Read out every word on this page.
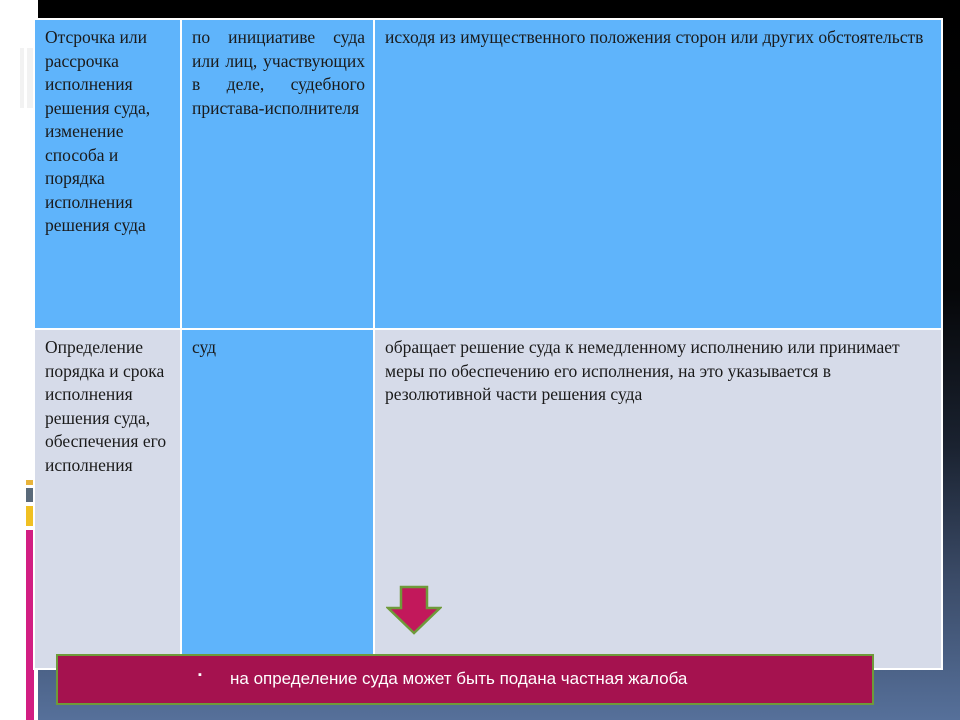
Отсрочка или рассрочка исполнения решения суда, изменение способа и порядка исполнения решения суда	по инициативе суда или лиц, участвующих в деле, судебного пристава-исполнителя	исходя из имущественного положения сторон или других обстоятельств
Определение порядка и срока исполнения решения суда, обеспечения его исполнения	суд	обращает решение суда к немедленному исполнению или принимает меры по обеспечению его исполнения, на это указывается в резолютивной части решения суда
▪ на определение суда может быть подана частная жалоба
